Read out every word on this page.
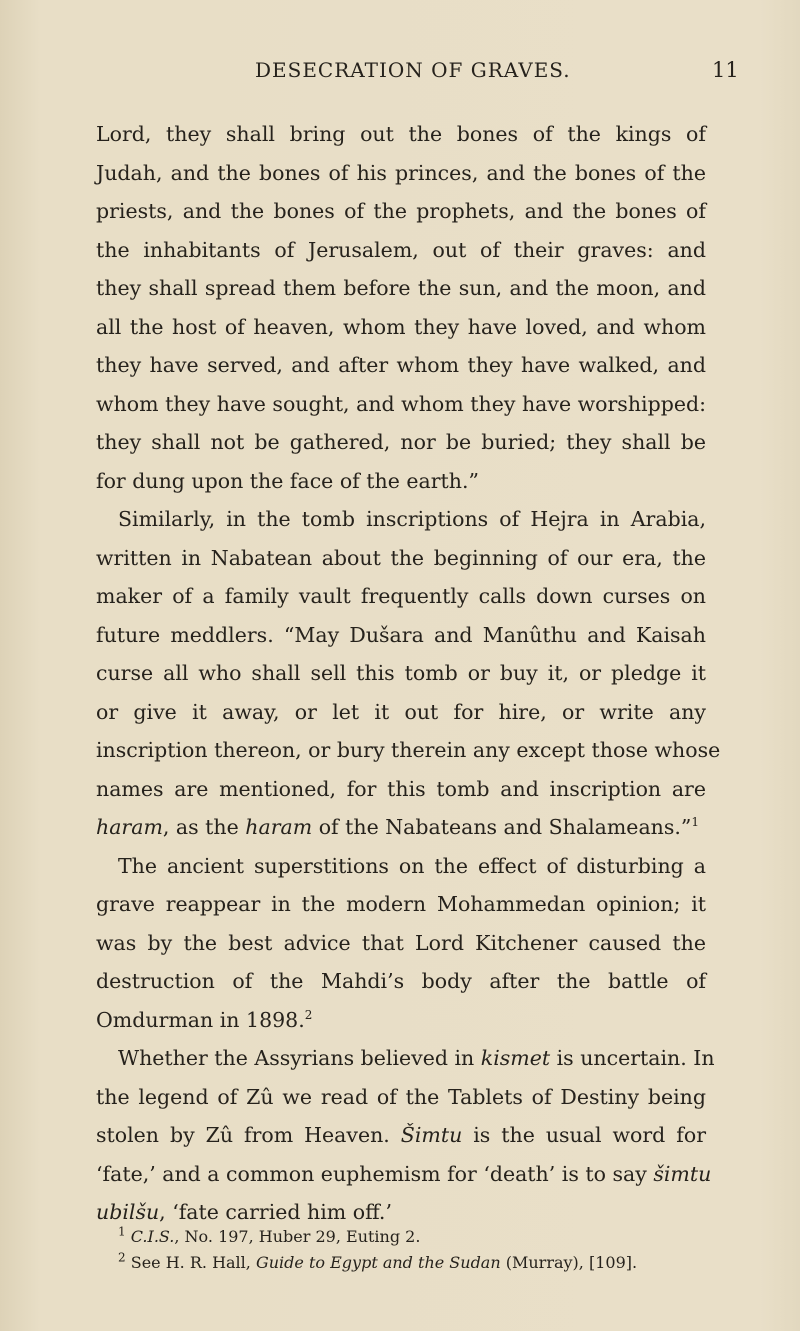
DESECRATION OF GRAVES.	11
Lord, they shall bring out the bones of the kings of
Judah, and the bones of his princes, and the bones of the
priests, and the bones of the prophets, and the bones of
the inhabitants of Jerusalem, out of their graves: and
they shall spread them before the sun, and the moon, and
all the host of heaven, whom they have loved, and whom
they have served, and after whom they have walked, and
whom they have sought, and whom they have worshipped:
they shall not be gathered, nor be buried; they shall be
for dung upon the face of the earth.”
Similarly, in the tomb inscriptions of Hejra in Arabia,
written in Nabatean about the beginning of our era, the
maker of a family vault frequently calls down curses on
future meddlers. “May Dušara and Manûthu and Kaisah
curse all who shall sell this tomb or buy it, or pledge it
or give it away, or let it out for hire, or write any
inscription thereon, or bury therein any except those whose
names are mentioned, for this tomb and inscription are
haram, as the haram of the Nabateans and Shalameans.”$^1$
The ancient superstitions on the effect of disturbing a
grave reappear in the modern Mohammedan opinion; it
was by the best advice that Lord Kitchener caused the
destruction of the Mahdi’s body after the battle of
Omdurman in 1898.$^2$
Whether the Assyrians believed in kismet is uncertain. In
the legend of Zû we read of the Tablets of Destiny being
stolen by Zû from Heaven. Šimtu is the usual word for
‘fate,’ and a common euphemism for ‘death’ is to say šimtu
ubilšu, ‘fate carried him off.’
$^1$ C.I.S., No. 197, Huber 29, Euting 2.
$^2$ See H. R. Hall, Guide to Egypt and the Sudan (Murray), [109].
